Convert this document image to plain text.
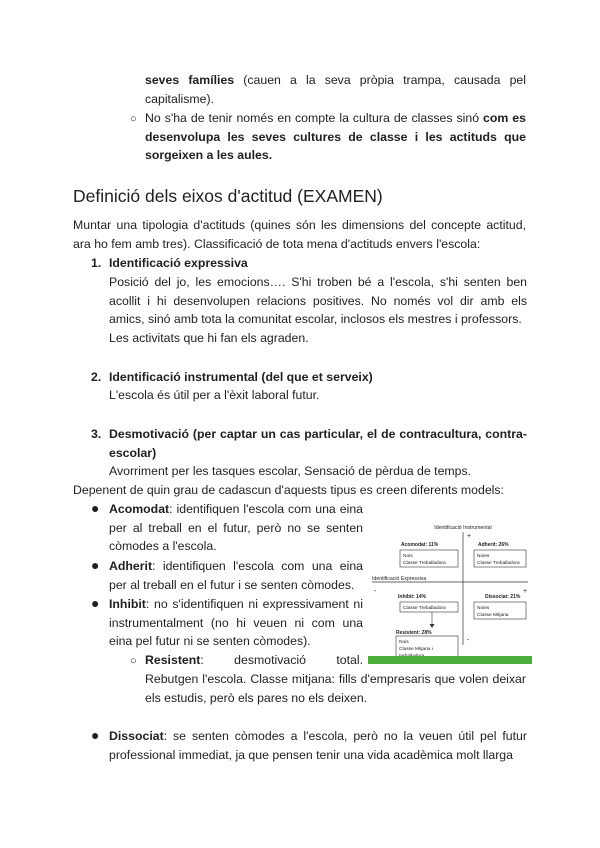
seves famílies (cauen a la seva pròpia trampa, causada pel capitalisme).
○ No s'ha de tenir només en compte la cultura de classes sinó com es desenvolupa les seves cultures de classe i les actituds que sorgeixen a les aules.
Definició dels eixos d'actitud (EXAMEN)
Muntar una tipologia d'actituds (quines són les dimensions del concepte actitud, ara ho fem amb tres). Classificació de tota mena d'actituds envers l'escola:
1. Identificació expressiva
Posició del jo, les emocions…. S'hi troben bé a l'escola, s'hi senten ben acollit i hi desenvolupen relacions positives. No només vol dir amb els amics, sinó amb tota la comunitat escolar, inclosos els mestres i professors.
Les activitats que hi fan els agraden.
2. Identificació instrumental (del que et serveix)
L'escola és útil per a l'èxit laboral futur.
3. Desmotivació (per captar un cas particular, el de contracultura, contra-escolar)
Avorriment per les tasques escolar, Sensació de pèrdua de temps.
Depenent de quin grau de cadascun d'aquests tipus es creen diferents models:
● Acomodat: identifiquen l'escola com una eina per al treball en el futur, però no se senten còmodes a l'escola.
● Adherit: identifiquen l'escola com una eina per al treball en el futur i se senten còmodes.
● Inhibit: no s'identifiquen ni expressivament ni instrumentalment (no hi veuen ni com una eina pel futur ni se senten còmodes).
○ Resistent: desmotivació total.
Rebutgen l'escola. Classe mitjana: fills d'empresaris que volen deixar els estudis, però els pares no els deixen.
● Dissociat: se senten còmodes a l'escola, però no la veuen útil pel futur professional immediat, ja que pensen tenir una vida acadèmica molt llarga
Identificació Instrumental
Identificació Expressiva
+
+
-
-
Acomodat: 11%	Adherit: 26%
Inhibit: 14%	Dissociat: 21%
Resistent: 28%
Nois
Classe Treballadora
Noies
Classe Treballadora
Classe Treballadora	Noies
Classe Mitjana
Nois
Classe Mitjana i
